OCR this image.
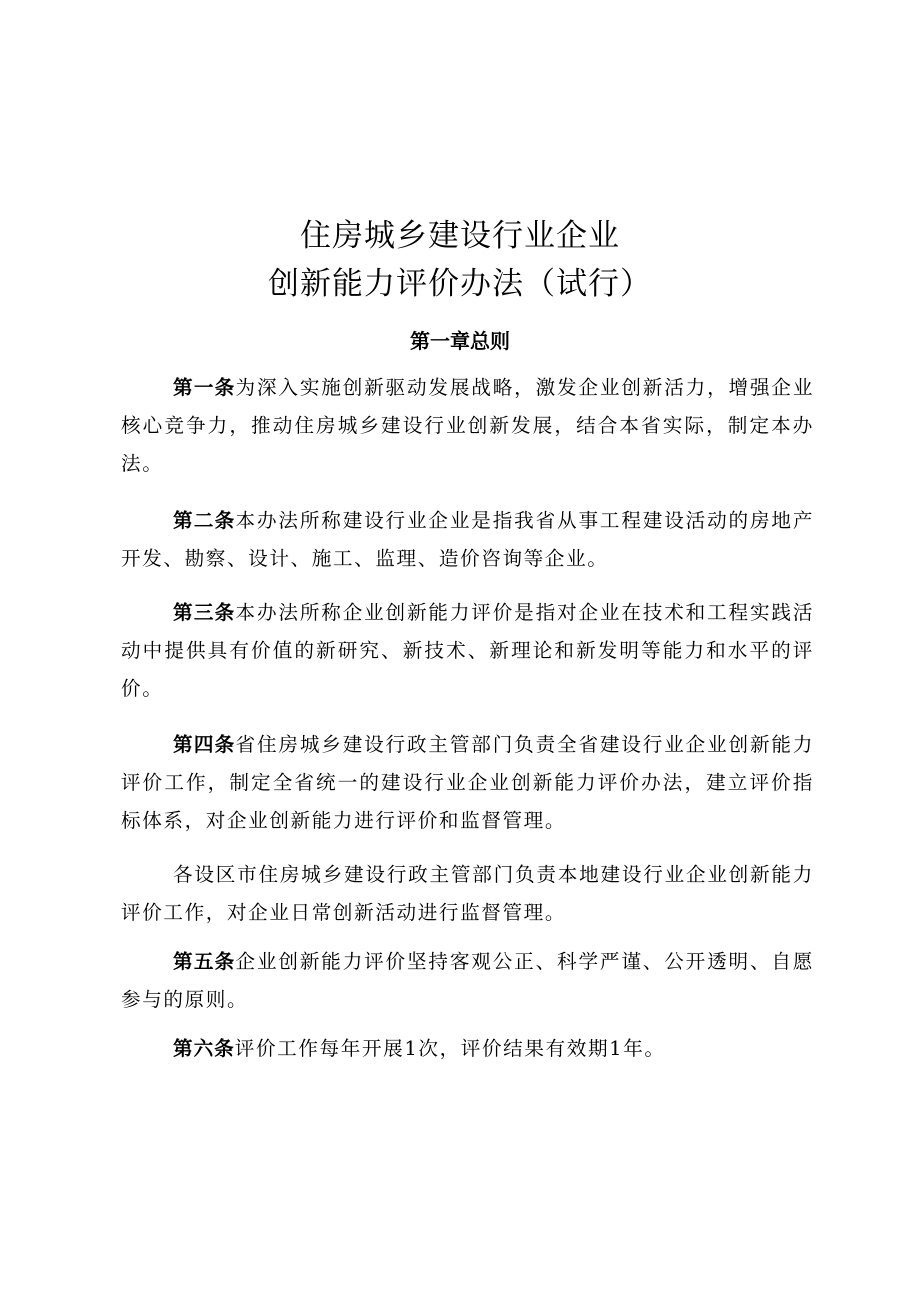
住房城乡建设行业企业
创新能力评价办法（试行）
第一章总则

第一条为深入实施创新驱动发展战略，激发企业创新活力，增强企业核心竞争力，推动住房城乡建设行业创新发展，结合本省实际，制定本办法。

第二条本办法所称建设行业企业是指我省从事工程建设活动的房地产开发、勘察、设计、施工、监理、造价咨询等企业。

第三条本办法所称企业创新能力评价是指对企业在技术和工程实践活动中提供具有价值的新研究、新技术、新理论和新发明等能力和水平的评价。

第四条省住房城乡建设行政主管部门负责全省建设行业企业创新能力评价工作，制定全省统一的建设行业企业创新能力评价办法，建立评价指标体系，对企业创新能力进行评价和监督管理。

各设区市住房城乡建设行政主管部门负责本地建设行业企业创新能力评价工作，对企业日常创新活动进行监督管理。

第五条企业创新能力评价坚持客观公正、科学严谨、公开透明、自愿参与的原则。

第六条评价工作每年开展1次，评价结果有效期1年。
